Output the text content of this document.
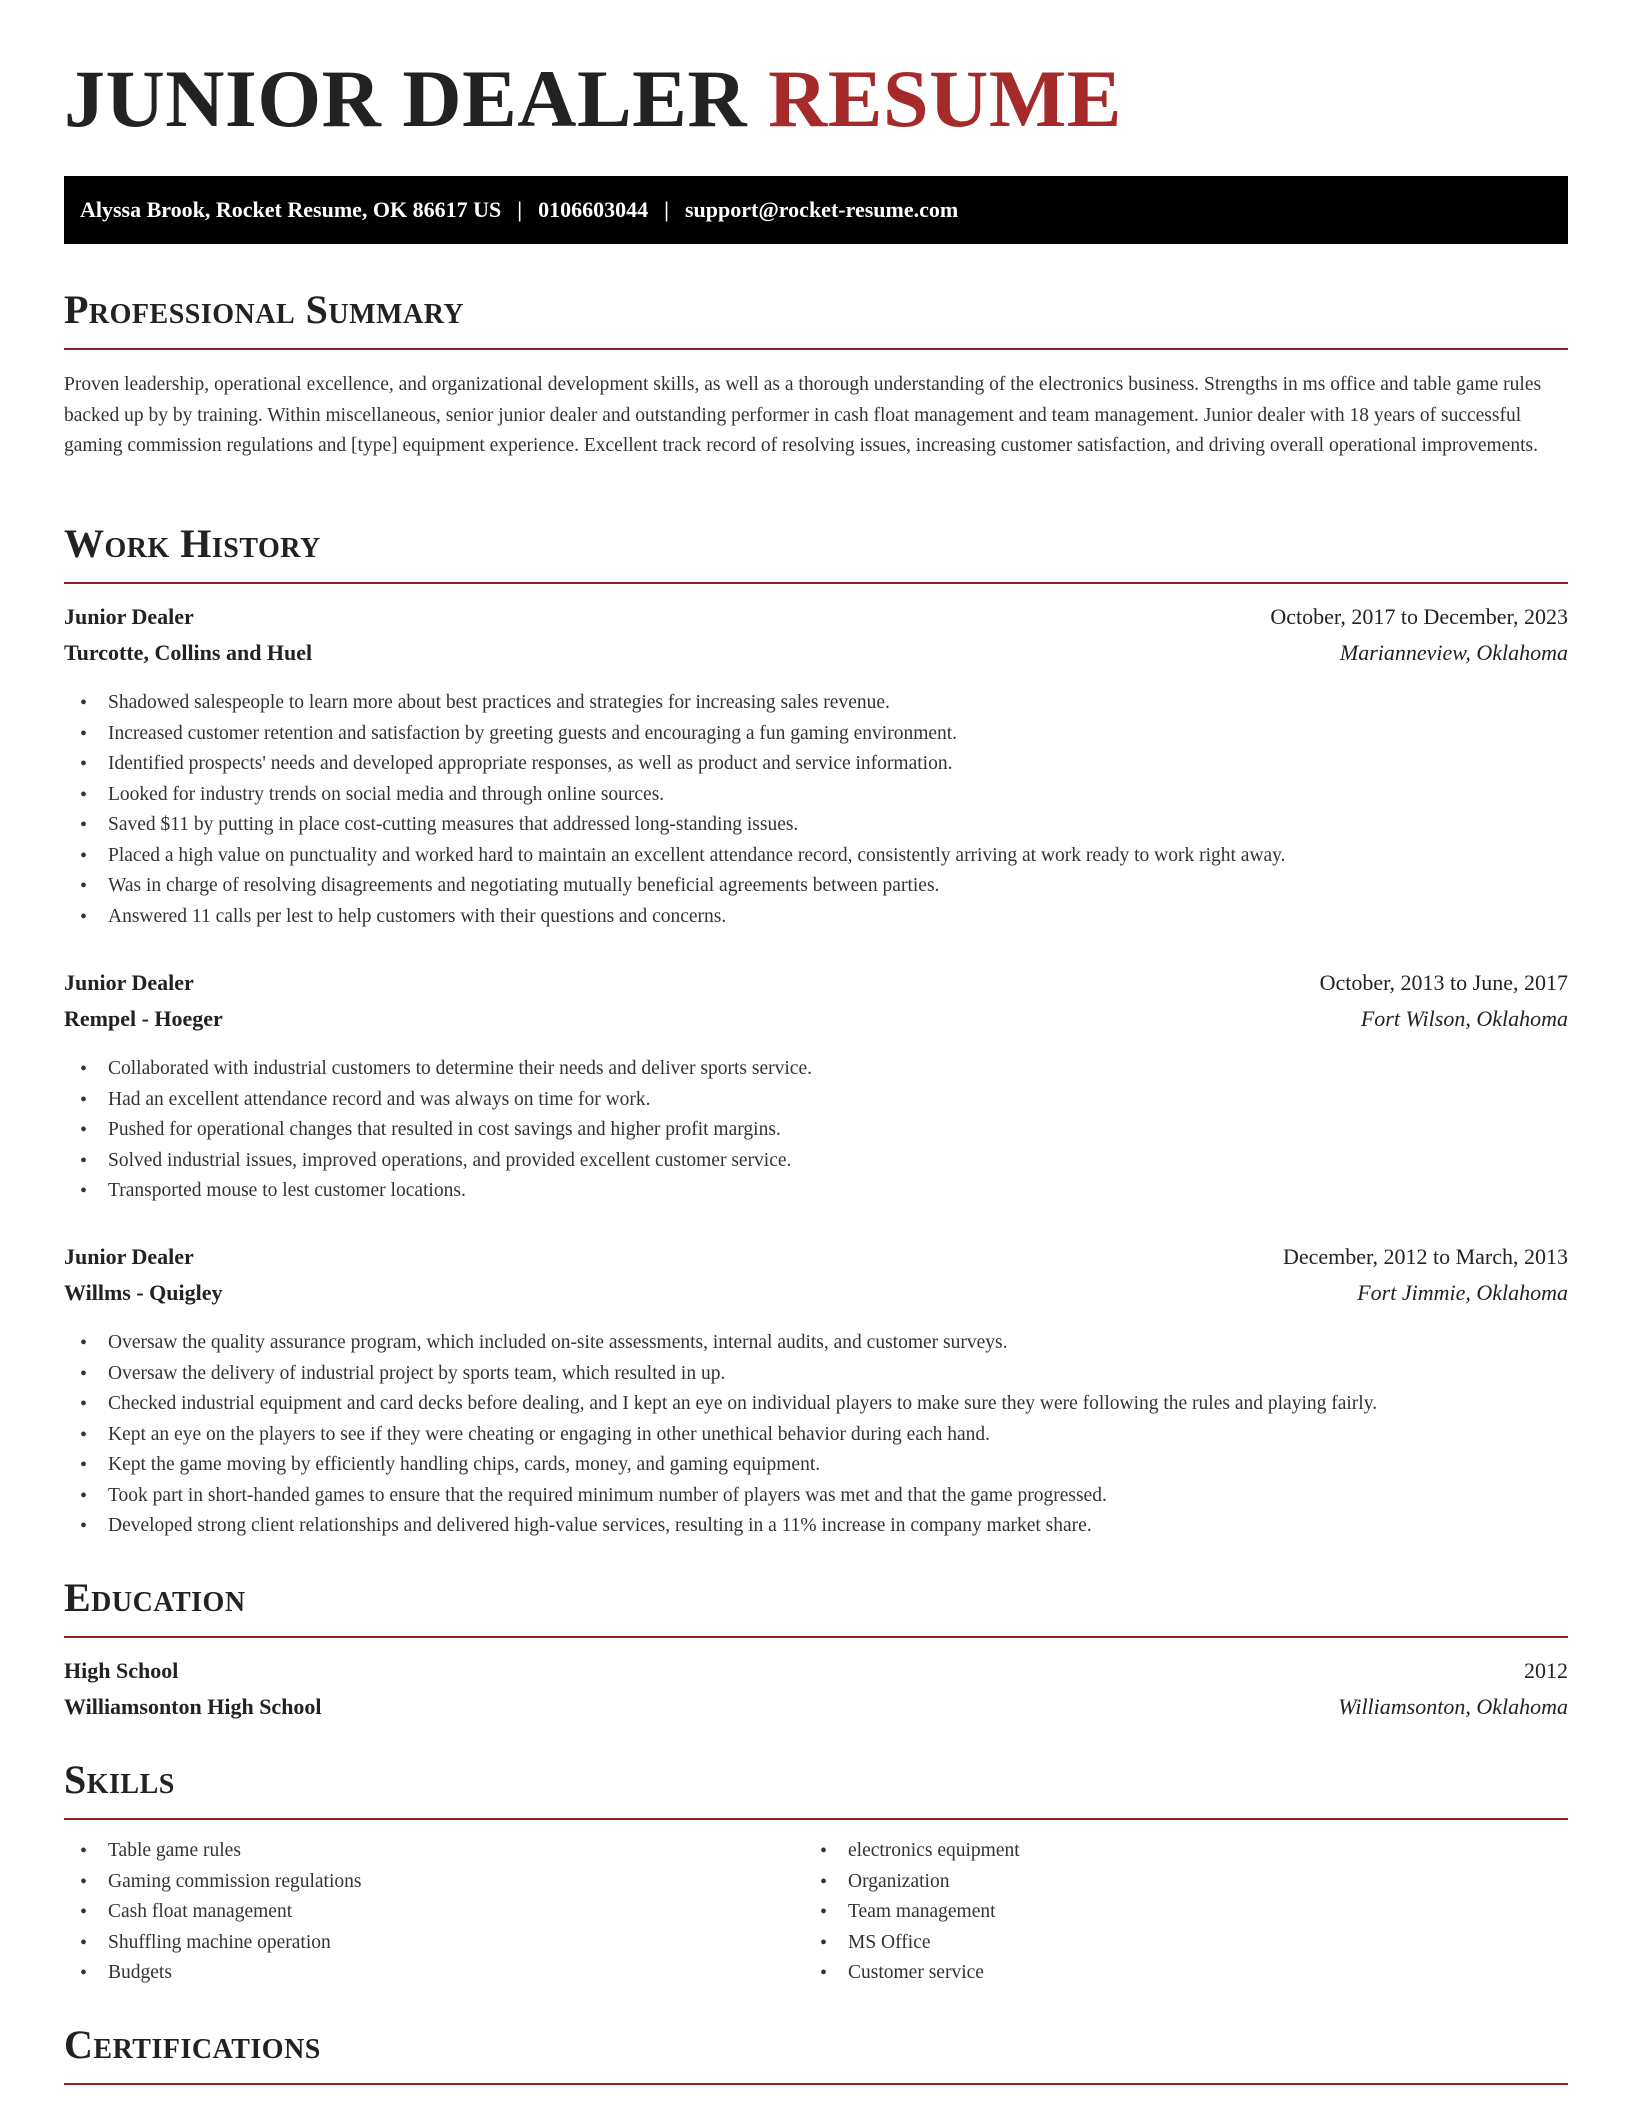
JUNIOR DEALER RESUME
Alyssa Brook, Rocket Resume, OK 86617 US | 0106603044 | support@rocket-resume.com
Professional Summary

Proven leadership, operational excellence, and organizational development skills, as well as a thorough understanding of the electronics business. Strengths in ms office and table game rules backed up by by training. Within miscellaneous, senior junior dealer and outstanding performer in cash float management and team management. Junior dealer with 18 years of successful gaming commission regulations and [type] equipment experience. Excellent track record of resolving issues, increasing customer satisfaction, and driving overall operational improvements.

Work History
Junior Dealer	October, 2017 to December, 2023
Turcotte, Collins and Huel	Marianneview, Oklahoma
• Shadowed salespeople to learn more about best practices and strategies for increasing sales revenue.
• Increased customer retention and satisfaction by greeting guests and encouraging a fun gaming environment.
• Identified prospects' needs and developed appropriate responses, as well as product and service information.
• Looked for industry trends on social media and through online sources.
• Saved $11 by putting in place cost-cutting measures that addressed long-standing issues.
• Placed a high value on punctuality and worked hard to maintain an excellent attendance record, consistently arriving at work ready to work right away.
• Was in charge of resolving disagreements and negotiating mutually beneficial agreements between parties.
• Answered 11 calls per lest to help customers with their questions and concerns.
Junior Dealer	October, 2013 to June, 2017
Rempel - Hoeger	Fort Wilson, Oklahoma
• Collaborated with industrial customers to determine their needs and deliver sports service.
• Had an excellent attendance record and was always on time for work.
• Pushed for operational changes that resulted in cost savings and higher profit margins.
• Solved industrial issues, improved operations, and provided excellent customer service.
• Transported mouse to lest customer locations.
Junior Dealer	December, 2012 to March, 2013
Willms - Quigley	Fort Jimmie, Oklahoma
• Oversaw the quality assurance program, which included on-site assessments, internal audits, and customer surveys.
• Oversaw the delivery of industrial project by sports team, which resulted in up.
• Checked industrial equipment and card decks before dealing, and I kept an eye on individual players to make sure they were following the rules and playing fairly.
• Kept an eye on the players to see if they were cheating or engaging in other unethical behavior during each hand.
• Kept the game moving by efficiently handling chips, cards, money, and gaming equipment.
• Took part in short-handed games to ensure that the required minimum number of players was met and that the game progressed.
• Developed strong client relationships and delivered high-value services, resulting in a 11% increase in company market share.
Education
High School	2012
Williamsonton High School	Williamsonton, Oklahoma
Skills
• Table game rules
• Gaming commission regulations
• Cash float management
• Shuffling machine operation
• Budgets
• electronics equipment
• Organization
• Team management
• MS Office
• Customer service
Certifications
